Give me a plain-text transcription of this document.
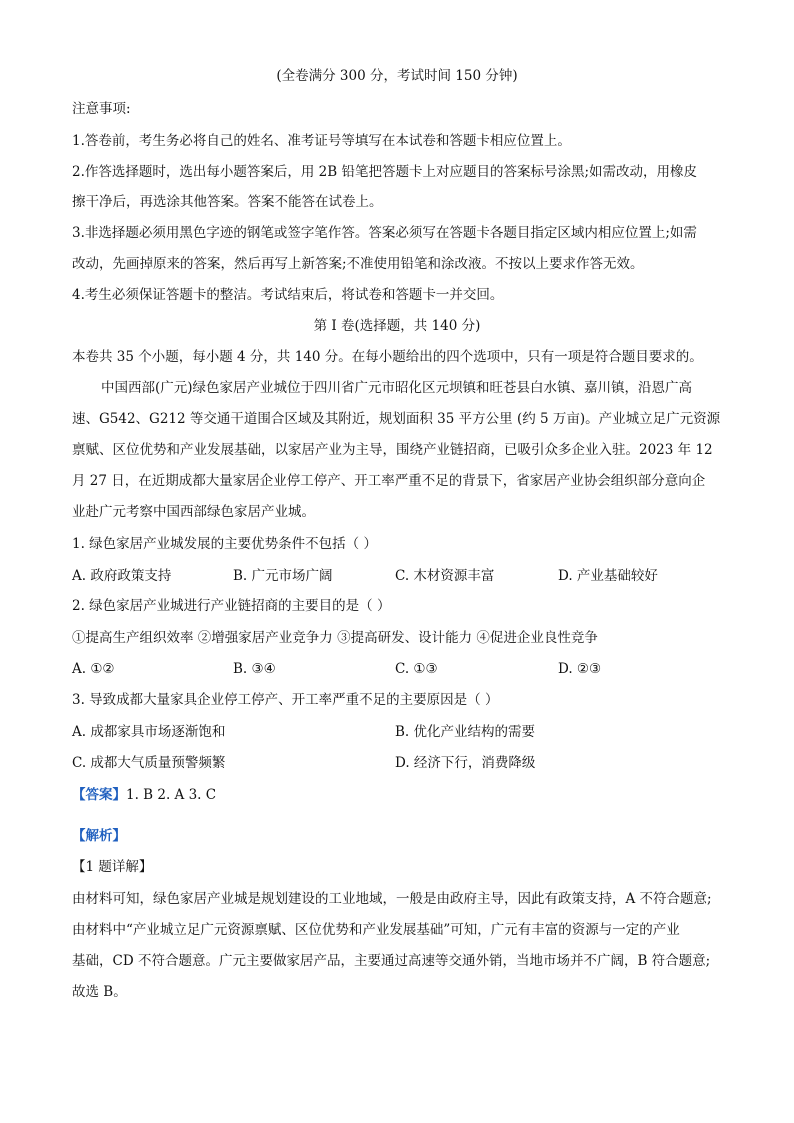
(全卷满分 300 分，考试时间 150 分钟)
注意事项:
1.答卷前，考生务必将自己的姓名、准考证号等填写在本试卷和答题卡相应位置上。
2.作答选择题时，选出每小题答案后，用 2B 铅笔把答题卡上对应题目的答案标号涂黑;如需改动，用橡皮
擦干净后，再选涂其他答案。答案不能答在试卷上。
3.非选择题必须用黑色字迹的钢笔或签字笔作答。答案必须写在答题卡各题目指定区域内相应位置上;如需
改动，先画掉原来的答案，然后再写上新答案;不准使用铅笔和涂改液。不按以上要求作答无效。
4.考生必须保证答题卡的整洁。考试结束后，将试卷和答题卡一并交回。
第 I 卷(选择题，共 140 分)
本卷共 35 个小题，每小题 4 分，共 140 分。在每小题给出的四个选项中，只有一项是符合题目要求的。
中国西部(广元)绿色家居产业城位于四川省广元市昭化区元坝镇和旺苍县白水镇、嘉川镇，沿恩广高
速、G542、G212 等交通干道围合区域及其附近，规划面积 35 平方公里 (约 5 万亩)。产业城立足广元资源
禀赋、区位优势和产业发展基础，以家居产业为主导，围绕产业链招商，已吸引众多企业入驻。2023 年 12
月 27 日，在近期成都大量家居企业停工停产、开工率严重不足的背景下，省家居产业协会组织部分意向企
业赴广元考察中国西部绿色家居产业城。
1. 绿色家居产业城发展的主要优势条件不包括（ ）
A. 政府政策支持	B. 广元市场广阔	C. 木材资源丰富	D. 产业基础较好
2. 绿色家居产业城进行产业链招商的主要目的是（ ）
①提高生产组织效率 ②增强家居产业竞争力 ③提高研发、设计能力 ④促进企业良性竞争
A. ①②	B. ③④	C. ①③	D. ②③
3. 导致成都大量家具企业停工停产、开工率严重不足的主要原因是（ ）
A. 成都家具市场逐渐饱和	B. 优化产业结构的需要
C. 成都大气质量预警频繁	D. 经济下行，消费降级
【答案】1. B 2. A 3. C
【解析】
【1 题详解】
由材料可知，绿色家居产业城是规划建设的工业地域，一般是由政府主导，因此有政策支持，A 不符合题意;
由材料中“产业城立足广元资源禀赋、区位优势和产业发展基础”可知，广元有丰富的资源与一定的产业
基础，CD 不符合题意。广元主要做家居产品，主要通过高速等交通外销，当地市场并不广阔，B 符合题意;
故选 B。
